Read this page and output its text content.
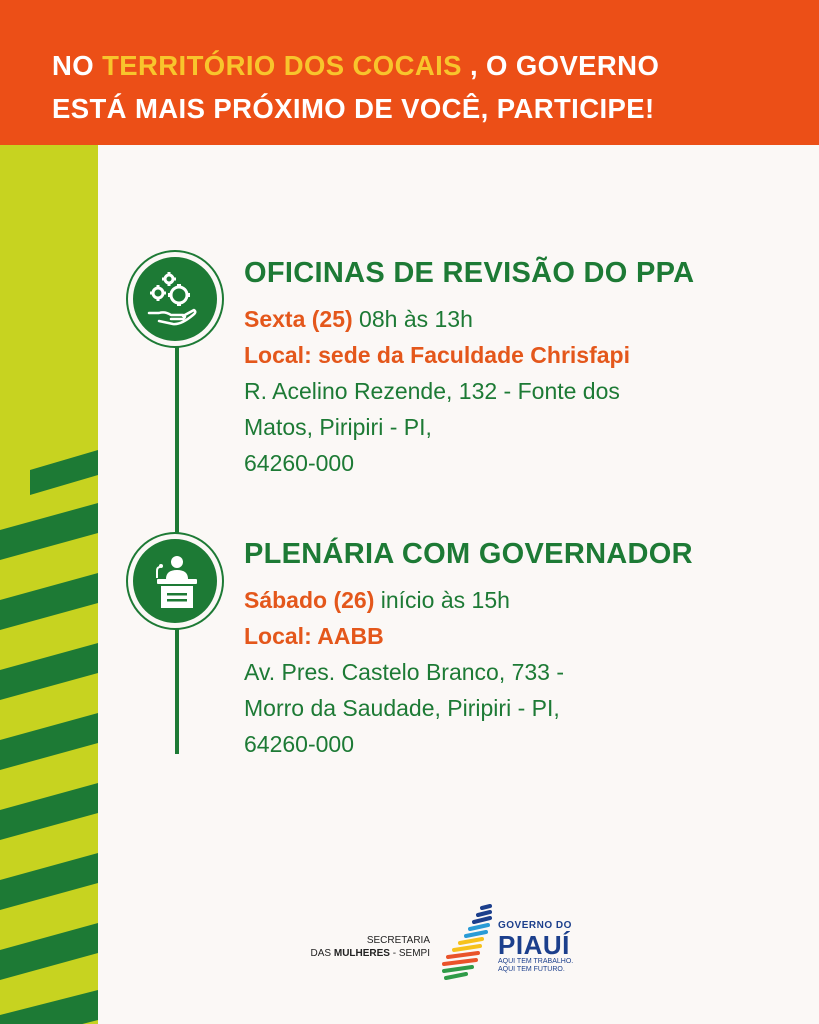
NO TERRITÓRIO DOS COCAIS , O GOVERNO
ESTÁ MAIS PRÓXIMO DE VOCÊ, PARTICIPE!
OFICINAS DE REVISÃO DO PPA
Sexta (25) 08h às 13h
Local: sede da Faculdade Chrisfapi
R. Acelino Rezende, 132 - Fonte dos
Matos, Piripiri - PI,
64260-000
PLENÁRIA COM GOVERNADOR
Sábado (26) início às 15h
Local: AABB
Av. Pres. Castelo Branco, 733 -
Morro da Saudade, Piripiri - PI,
64260-000
SECRETARIA
DAS MULHERES - SEMPI
GOVERNO DO
PIAUÍ
AQUI TEM TRABALHO.
AQUI TEM FUTURO.
